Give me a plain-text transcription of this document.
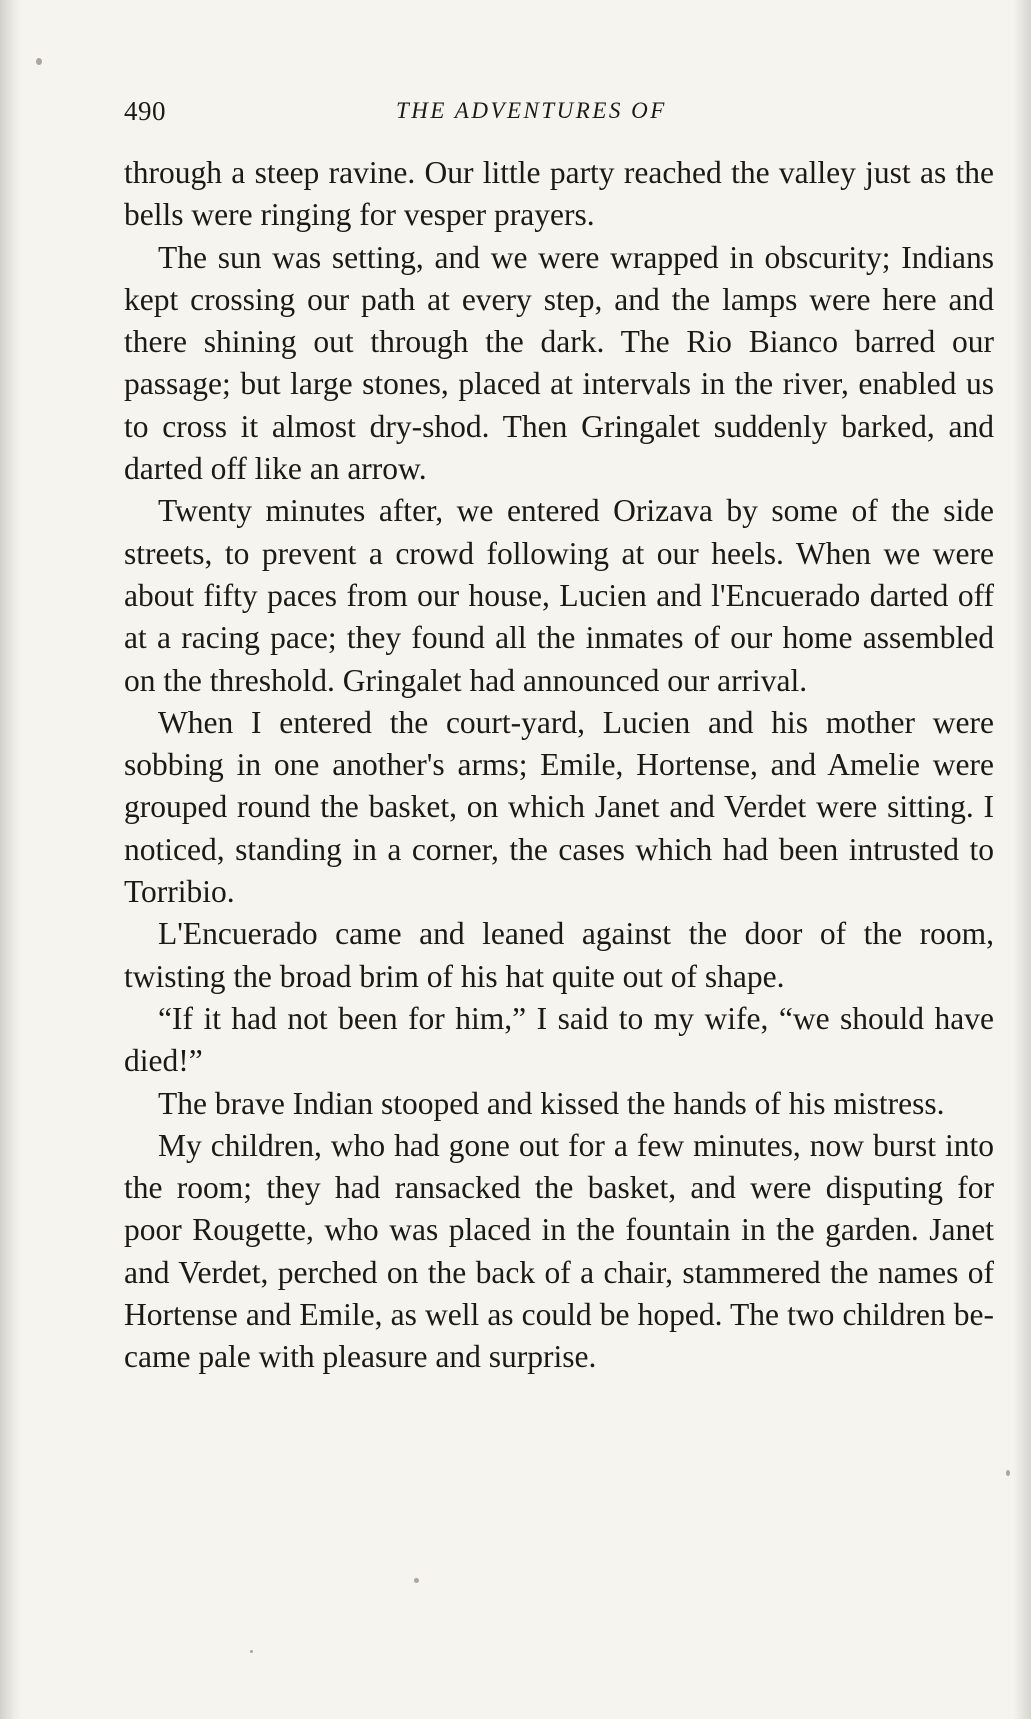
490	THE ADVENTURES OF

through a steep ravine. Our little party reached the valley just as the bells were ringing for vesper prayers.

The sun was setting, and we were wrapped in obscurity; Indians kept crossing our path at every step, and the lamps were here and there shining out through the dark. The Rio Bianco barred our passage; but large stones, placed at intervals in the river, enabled us to cross it almost dry-shod. Then Gringalet suddenly barked, and darted off like an arrow.

Twenty minutes after, we entered Orizava by some of the side streets, to prevent a crowd following at our heels. When we were about fifty paces from our house, Lucien and l'Encuerado darted off at a racing pace; they found all the inmates of our home assembled on the threshold. Gringalet had announced our arrival.

When I entered the court-yard, Lucien and his mother were sobbing in one another's arms; Emile, Hortense, and Amelie were grouped round the basket, on which Janet and Verdet were sitting. I noticed, standing in a corner, the cases which had been intrusted to Torribio.

L'Encuerado came and leaned against the door of the room, twisting the broad brim of his hat quite out of shape.

“If it had not been for him,” I said to my wife, “we should have died!”

The brave Indian stooped and kissed the hands of his mistress.

My children, who had gone out for a few minutes, now burst into the room; they had ransacked the basket, and were disputing for poor Rougette, who was placed in the fountain in the garden. Janet and Verdet, perched on the back of a chair, stammered the names of Hortense and Emile, as well as could be hoped. The two children became pale with pleasure and surprise.
